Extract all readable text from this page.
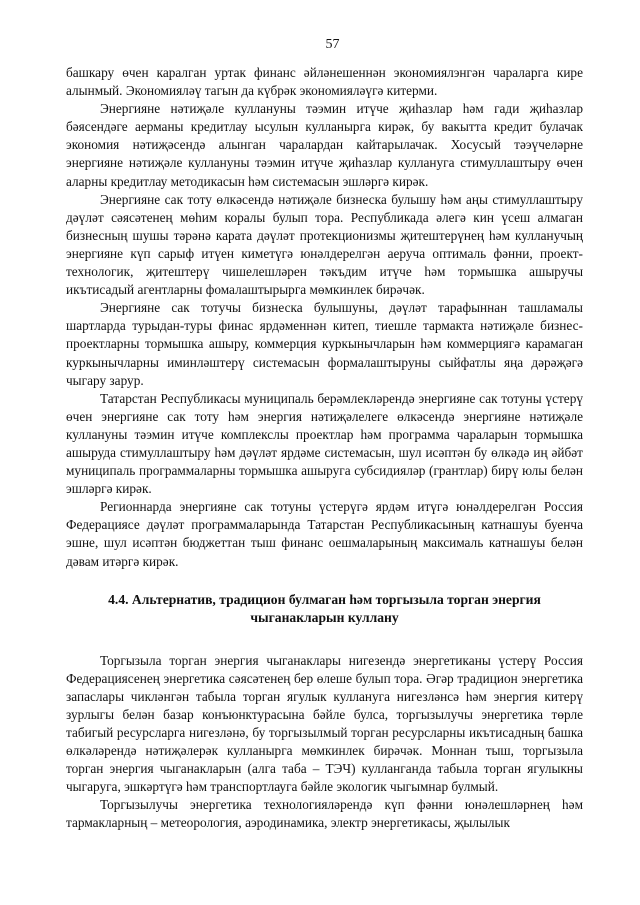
57

башкару өчен каралган уртак финанс әйләнешеннән экономиялэнгән чараларга кире алынмый. Экономияләү тагын да күбрәк экономияләүгә китерми.

Энергияне нәтиҗәле куллануны тәэмин итүче җиһазлар һәм гади җиһазлар бәясендәге аерманы кредитлау ысулын кулланырга кирәк, бу вакытта кредит булачак экономия нәтиҗәсендә алынган чаралардан кайтарылачак. Хосусый тәэүчеләрне энергияне нәтиҗәле куллануны тәэмин итүче җиһазлар куллануга стимуллаштыру өчен аларны кредитлау методикасын һәм системасын эшләргә кирәк.

Энергияне сак тоту өлкәсендә нәтиҗәле бизнеска булышу һәм аңы стимуллаштыру дәүләт сәясәтенең мөһим коралы булып тора. Республикада әлегә кин үсеш алмаган бизнесның шушы тәрәнә карата дәүләт протекционизмы җитештерүнең һәм кулланучың энергияне күп сарыф итүен киметүгә юнәлдерелгән аеруча оптималь фәнни, проект-технологик, җитештерү чишелешләрен тәкъдим итүче һәм тормышка ашыручы икътисадый агентларны фомалаштырырга мөмкинлек бирәчәк.

Энергияне сак тотучы бизнеска булышуны, дәүләт тарафыннан ташламалы шартларда турыдан-туры финас ярдәменнән китеп, тиешле тармакта нәтиҗәле бизнес-проектларны тормышка ашыру, коммерция куркынычларын һәм коммерциягә карамаган куркынычларны иминләштерү системасын формалаштыруны сыйфатлы яңа дәрәҗәгә чыгару зарур.

Татарстан Республикасы муниципаль берәмлекләрендә энергияне сак тотуны үстерү өчен энергияне сак тоту һәм энергия нәтиҗәлелеге өлкәсендә энергияне нәтиҗәле куллануны тәэмин итүче комплекслы проектлар һәм программа чараларын тормышка ашыруда стимуллаштыру һәм дәүләт ярдәме системасын, шул исәптән бу өлкәдә иң әйбәт муниципаль программаларны тормышка ашыруга субсидияләр (грантлар) бирү юлы белән эшләргә кирәк.

Регионнарда энергияне сак тотуны үстерүгә ярдәм итүгә юнәлдерелгән Россия Федерациясе дәүләт программаларында Татарстан Республикасының катнашуы буенча эшне, шул исәптән бюджеттан тыш финанс оешмаларының максималь катнашуы белән дәвам итәргә кирәк.

4.4. Альтернатив, традицион булмаган һәм торгызыла торган энергия чыганакларын куллану

Торгызыла торган энергия чыганаклары нигезендә энергетиканы үстерү Россия Федерациясенең энергетика сәясәтенең бер өлеше булып тора. Әгәр традицион энергетика запаслары чикләнгән табыла торган ягулык куллануга нигезләнсә һәм энергия китерү зурлыгы белән базар конъюнктурасына бәйле булса, торгызылучы энергетика төрле табигый ресурсларга нигезләнә, бу торгызылмый торган ресурсларны икътисадның башка өлкәләрендә нәтиҗәлерәк кулланырга мөмкинлек бирәчәк. Моннан тыш, торгызыла торган энергия чыганакларын (алга таба – ТЭЧ) кулланганда табыла торган ягулыкны чыгаруга, эшкәртүгә һәм транспортлауга бәйле экологик чыгымнар булмый.

Торгызылучы энергетика технологияләрендә күп фәнни юнәлешләрнең һәм тармакларның – метеорология, аэродинамика, электр энергетикасы, җылылык
